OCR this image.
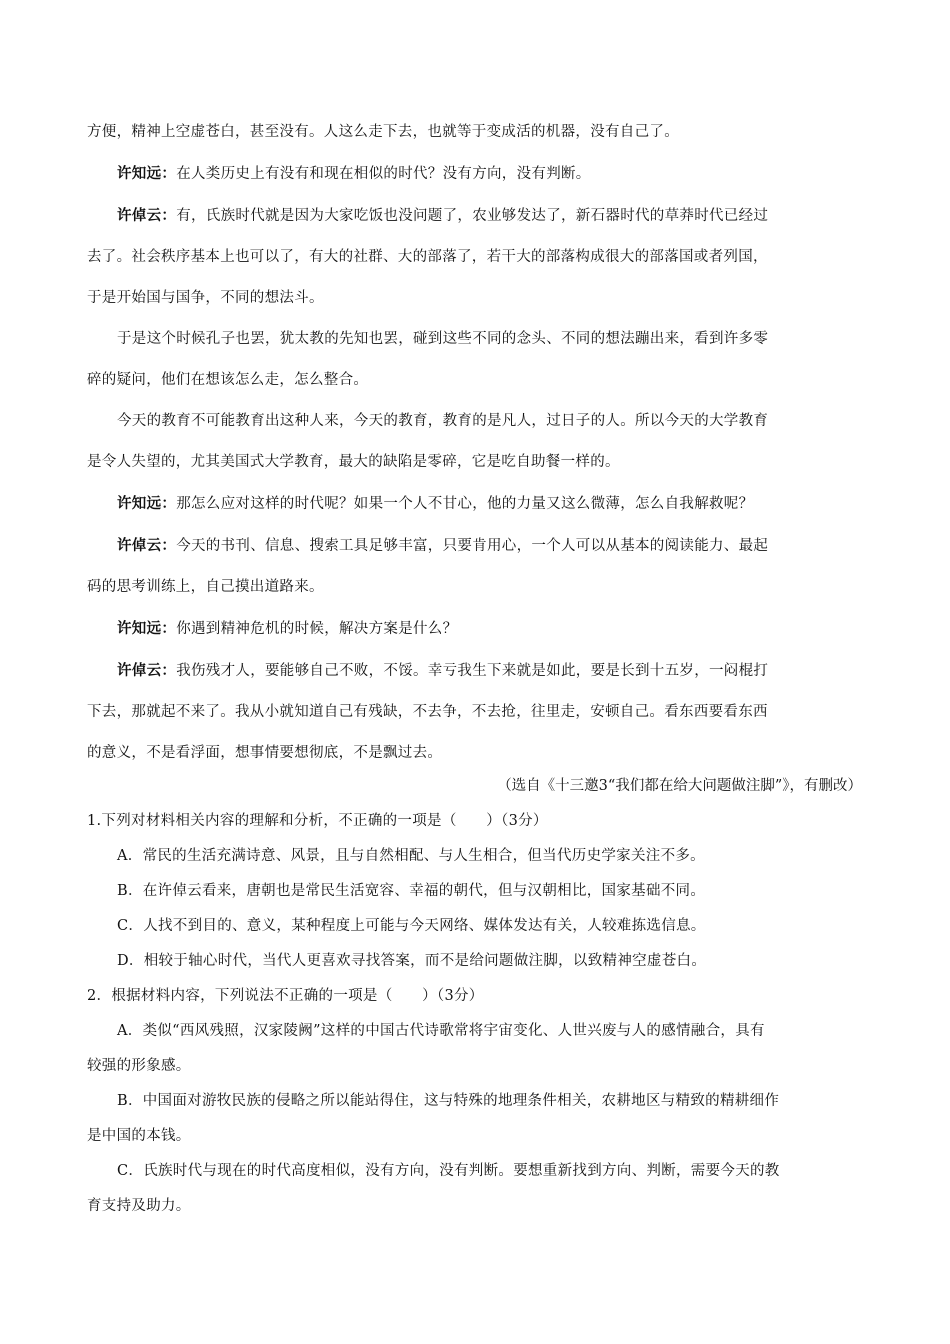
方便，精神上空虚苍白，甚至没有。人这么走下去，也就等于变成活的机器，没有自己了。
许知远：在人类历史上有没有和现在相似的时代？没有方向，没有判断。
许倬云：有，氏族时代就是因为大家吃饭也没问题了，农业够发达了，新石器时代的草莽时代已经过
去了。社会秩序基本上也可以了，有大的社群、大的部落了，若干大的部落构成很大的部落国或者列国，
于是开始国与国争，不同的想法斗。
于是这个时候孔子也罢，犹太教的先知也罢，碰到这些不同的念头、不同的想法蹦出来，看到许多零
碎的疑问，他们在想该怎么走，怎么整合。
今天的教育不可能教育出这种人来，今天的教育，教育的是凡人，过日子的人。所以今天的大学教育
是令人失望的，尤其美国式大学教育，最大的缺陷是零碎，它是吃自助餐一样的。
许知远：那怎么应对这样的时代呢？如果一个人不甘心，他的力量又这么微薄，怎么自我解救呢？
许倬云：今天的书刊、信息、搜索工具足够丰富，只要肯用心，一个人可以从基本的阅读能力、最起
码的思考训练上，自己摸出道路来。
许知远：你遇到精神危机的时候，解决方案是什么？
许倬云：我伤残才人，要能够自己不败，不馁。幸亏我生下来就是如此，要是长到十五岁，一闷棍打
下去，那就起不来了。我从小就知道自己有残缺，不去争，不去抢，往里走，安顿自己。看东西要看东西
的意义，不是看浮面，想事情要想彻底，不是飘过去。
（选自《十三邀3“我们都在给大问题做注脚”》，有删改）
1.下列对材料相关内容的理解和分析，不正确的一项是（　　）（3分）
A．常民的生活充满诗意、风景，且与自然相配、与人生相合，但当代历史学家关注不多。
B．在许倬云看来，唐朝也是常民生活宽容、幸福的朝代，但与汉朝相比，国家基础不同。
C．人找不到目的、意义，某种程度上可能与今天网络、媒体发达有关，人较难拣选信息。
D．相较于轴心时代，当代人更喜欢寻找答案，而不是给问题做注脚，以致精神空虚苍白。
2．根据材料内容，下列说法不正确的一项是（　　）（3分）
A．类似“西风残照，汉家陵阙”这样的中国古代诗歌常将宇宙变化、人世兴废与人的感情融合，具有
较强的形象感。
B．中国面对游牧民族的侵略之所以能站得住，这与特殊的地理条件相关，农耕地区与精致的精耕细作
是中国的本钱。
C．氏族时代与现在的时代高度相似，没有方向，没有判断。要想重新找到方向、判断，需要今天的教
育支持及助力。
